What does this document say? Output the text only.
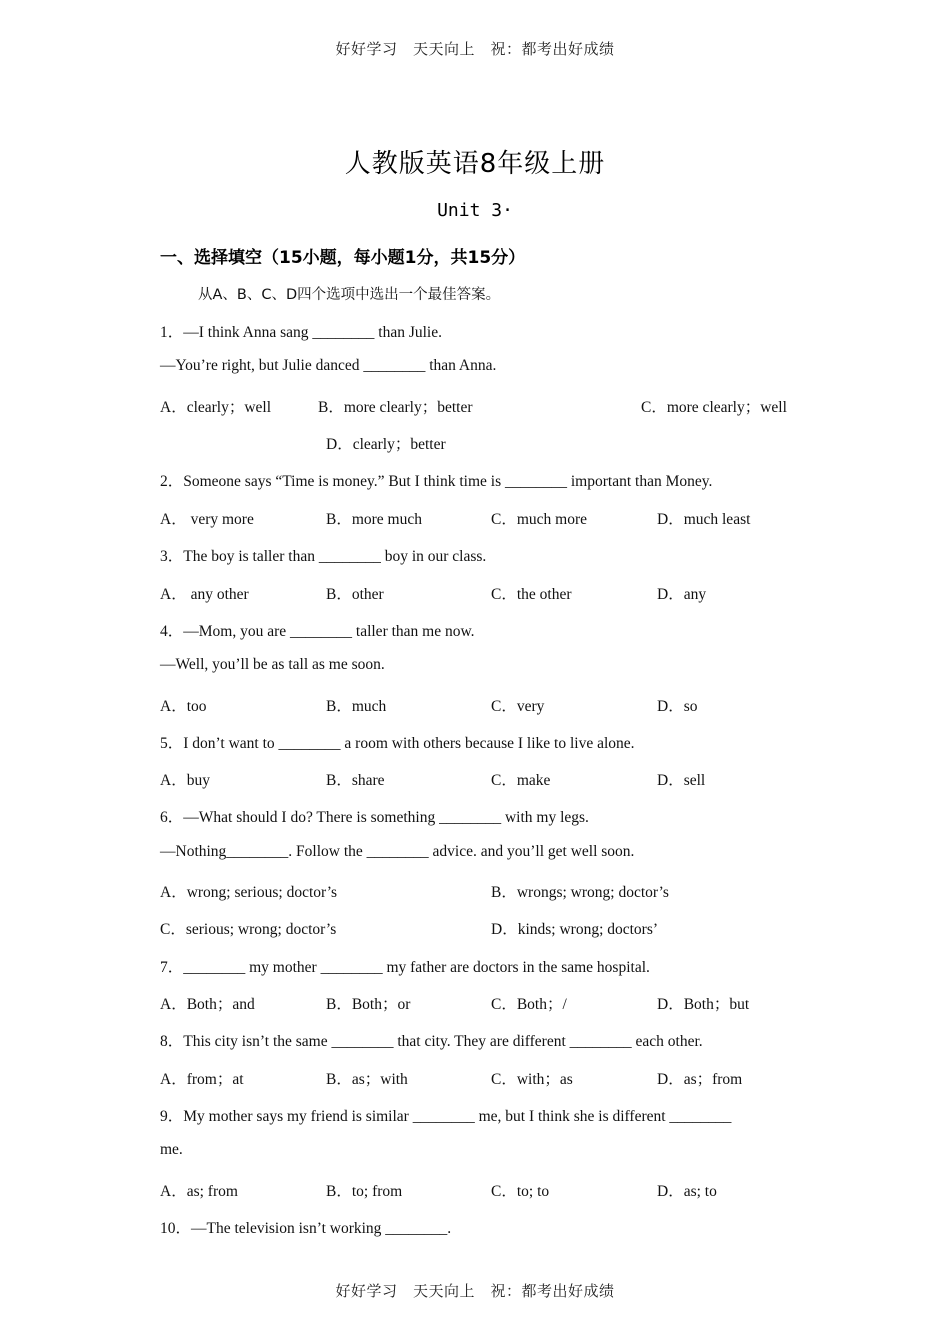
好好学习　天天向上　祝：都考出好成绩
人教版英语8年级上册
Unit 3·
一、选择填空（15小题，每小题1分，共15分）
从A、B、C、D四个选项中选出一个最佳答案。
1．—I think Anna sang ________ than Julie.
—You’re right, but Julie danced ________ than Anna.
A．clearly；well	B．more clearly；better	C．more clearly；well
D．clearly；better
2．Someone says “Time is money.” But I think time is ________ important than Money.
A． very more	B．more much	C．much more	D．much least
3．The boy is taller than ________ boy in our class.
A． any other	B．other	C．the other	D．any
4．—Mom, you are ________ taller than me now.
—Well, you’ll be as tall as me soon.
A．too	B．much	C．very	D．so
5．I don’t want to ________ a room with others because I like to live alone.
A．buy	B．share	C．make	D．sell
6．—What should I do? There is something ________ with my legs.
—Nothing________. Follow the ________ advice. and you’ll get well soon.
A．wrong; serious; doctor’s	B．wrongs; wrong; doctor’s
C．serious; wrong; doctor’s	D．kinds; wrong; doctors’
7．________ my mother ________ my father are doctors in the same hospital.
A．Both；and	B．Both；or	C．Both；/	D．Both；but
8．This city isn’t the same ________ that city. They are different ________ each other.
A．from；at	B．as；with	C．with；as	D．as；from
9．My mother says my friend is similar ________ me, but I think she is different ________
me.
A．as; from	B．to; from	C．to; to	D．as; to
10．—The television isn’t working ________.
好好学习　天天向上　祝：都考出好成绩
